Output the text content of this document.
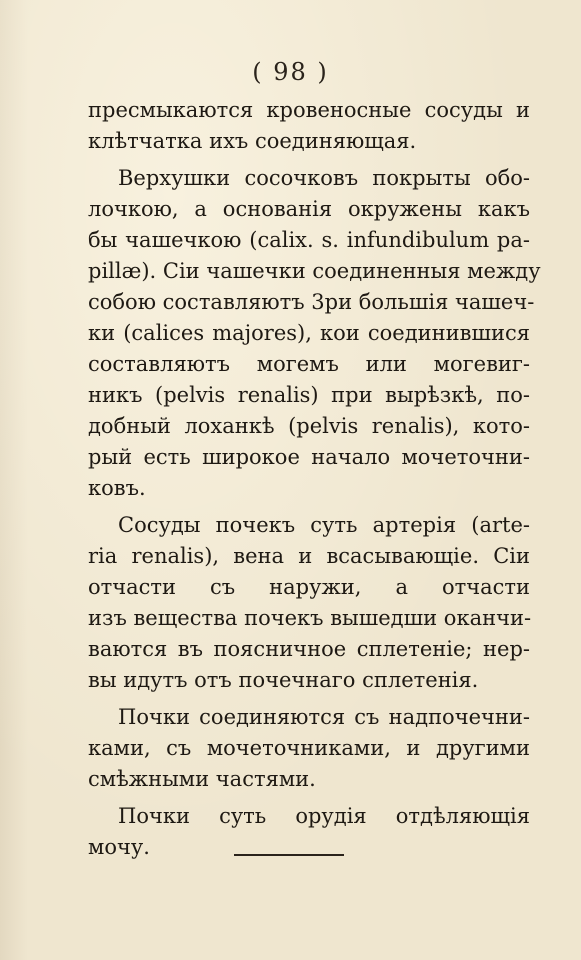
( 98 )
пресмыкаются кровеносные сосуды и
клѣтчатка ихъ соединяющая.
Верхушки сосочковъ покрыты обо-
лочкою, а основанія окружены какъ
бы чашечкою (calix. s. infundibulum pa-
pillæ). Сіи чашечки соединенныя между
собою составляютъ 3ри большія чашеч-
ки (calices majores), кои соединившися
составляютъ могемъ или могевиг-
никъ (pelvis renalis) при вырѣзкѣ, по-
добный лоханкѣ (pelvis renalis), кото-
рый есть широкое начало мочеточни-
ковъ.
Сосуды почекъ суть артерія (arte-
ria renalis), вена и всасывающіе. Сіи
отчасти съ наружи, а отчасти
изъ вещества почекъ вышедши оканчи-
ваются въ поясничное сплетеніе; нер-
вы идутъ отъ почечнаго сплетенія.
Почки соединяются съ надпочечни-
ками, съ мочеточниками, и другими
смѣжными частями.
Почки суть орудія отдѣляющія
мочу.
